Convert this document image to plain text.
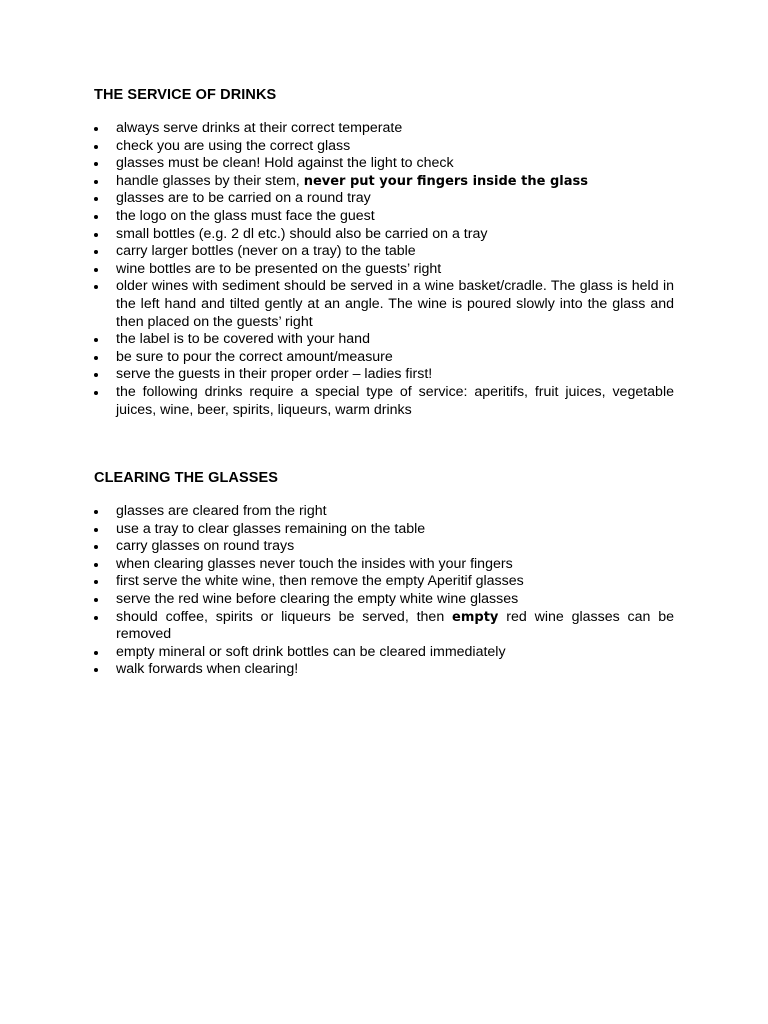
THE SERVICE OF DRINKS
always serve drinks at their correct temperate
check you are using the correct glass
glasses must be clean! Hold against the light to check
handle glasses by their stem, never put your fingers inside the glass
glasses are to be carried on a round tray
the logo on the glass must face the guest
small bottles (e.g. 2 dl etc.) should also be carried on a tray
carry larger bottles (never on a tray) to the table
wine bottles are to be presented on the guests’ right
older wines with sediment should be served in a wine basket/cradle. The glass is held in the left hand and tilted gently at an angle. The wine is poured slowly into the glass and then placed on the guests’ right
the label is to be covered with your hand
be sure to pour the correct amount/measure
serve the guests in their proper order – ladies first!
the following drinks require a special type of service: aperitifs, fruit juices, vegetable juices, wine, beer, spirits, liqueurs, warm drinks
CLEARING THE GLASSES
glasses are cleared from the right
use a tray to clear glasses remaining on the table
carry glasses on round trays
when clearing glasses never touch the insides with your fingers
first serve the white wine, then remove the empty Aperitif glasses
serve the red wine before clearing the empty white wine glasses
should coffee, spirits or liqueurs be served, then empty red wine glasses can be removed
empty mineral or soft drink bottles can be cleared immediately
walk forwards when clearing!
